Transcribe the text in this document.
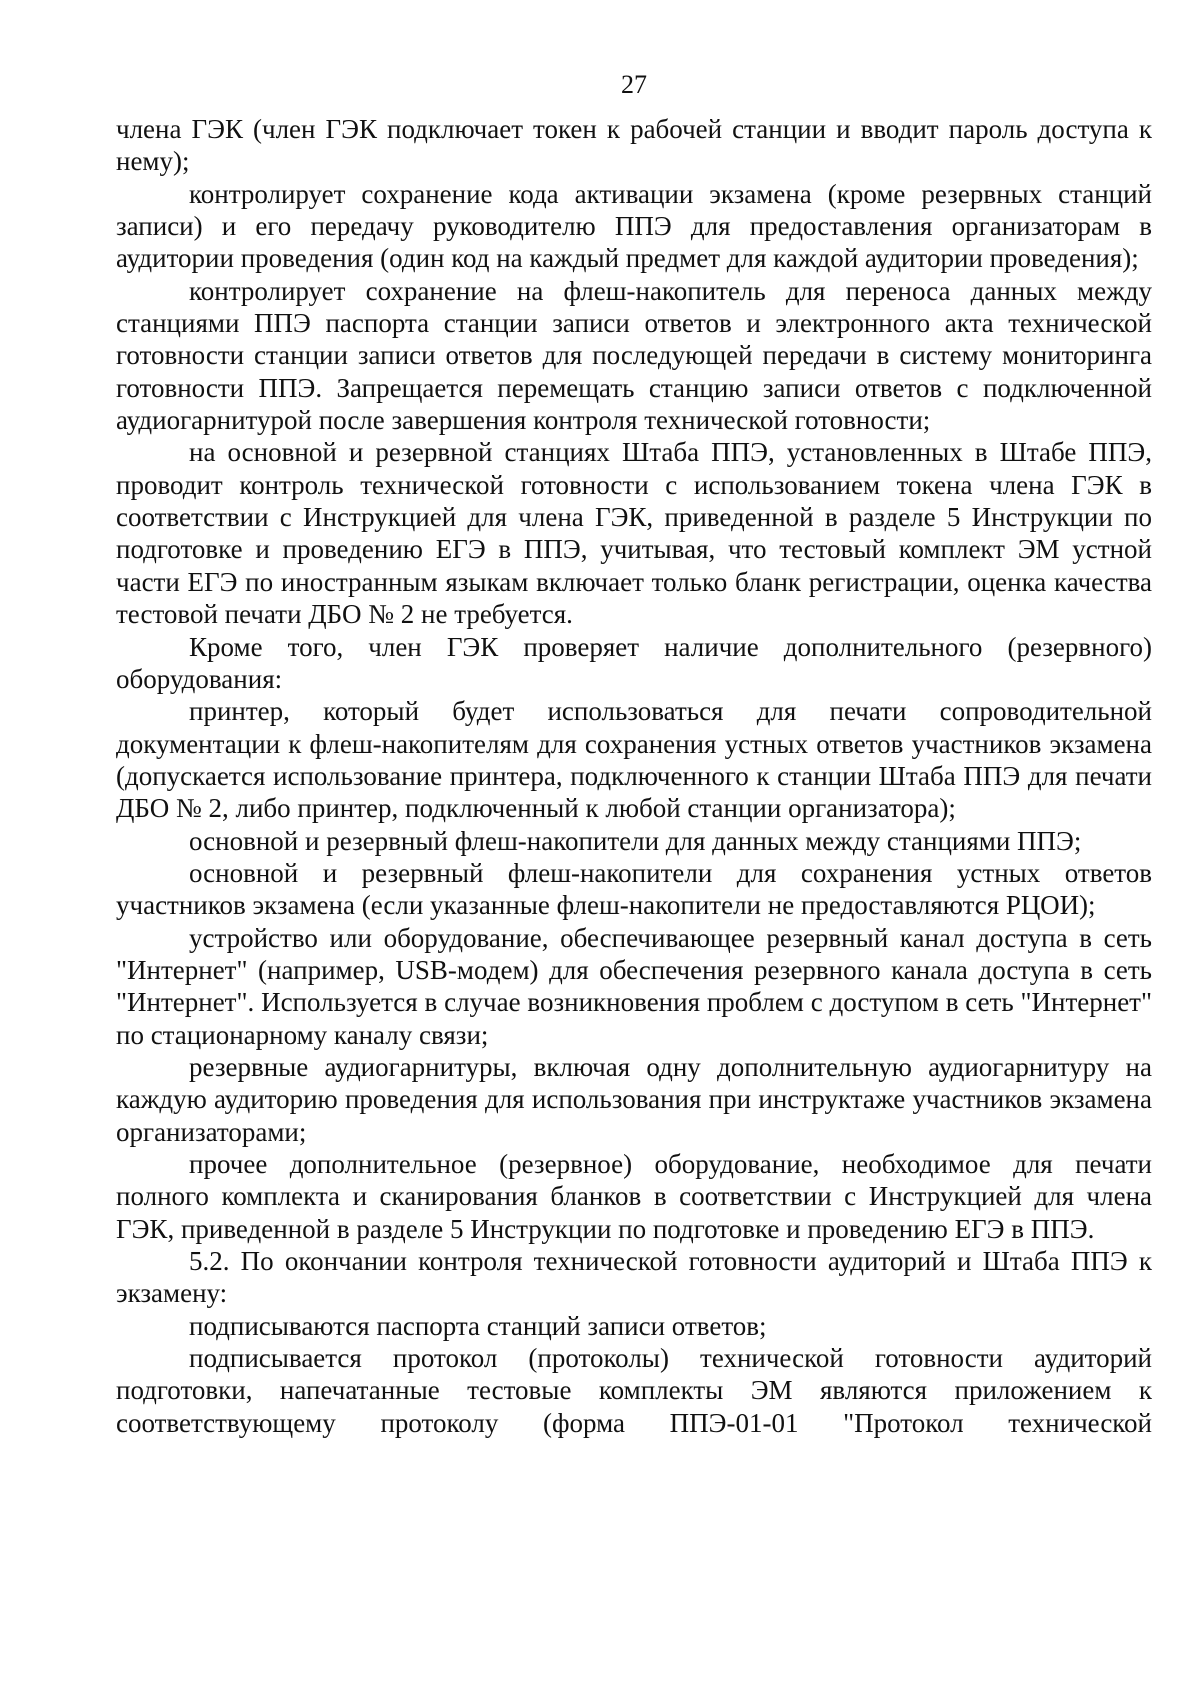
27

члена ГЭК (член ГЭК подключает токен к рабочей станции и вводит пароль доступа к нему);

контролирует сохранение кода активации экзамена (кроме резервных станций записи) и его передачу руководителю ППЭ для предоставления организаторам в аудитории проведения (один код на каждый предмет для каждой аудитории проведения);

контролирует сохранение на флеш-накопитель для переноса данных между станциями ППЭ паспорта станции записи ответов и электронного акта технической готовности станции записи ответов для последующей передачи в систему мониторинга готовности ППЭ. Запрещается перемещать станцию записи ответов с подключенной аудиогарнитурой после завершения контроля технической готовности;

на основной и резервной станциях Штаба ППЭ, установленных в Штабе ППЭ, проводит контроль технической готовности с использованием токена члена ГЭК в соответствии с Инструкцией для члена ГЭК, приведенной в разделе 5 Инструкции по подготовке и проведению ЕГЭ в ППЭ, учитывая, что тестовый комплект ЭМ устной части ЕГЭ по иностранным языкам включает только бланк регистрации, оценка качества тестовой печати ДБО № 2 не требуется.

Кроме того, член ГЭК проверяет наличие дополнительного (резервного) оборудования:

принтер, который будет использоваться для печати сопроводительной документации к флеш-накопителям для сохранения устных ответов участников экзамена (допускается использование принтера, подключенного к станции Штаба ППЭ для печати ДБО № 2, либо принтер, подключенный к любой станции организатора);

основной и резервный флеш-накопители для данных между станциями ППЭ;

основной и резервный флеш-накопители для сохранения устных ответов участников экзамена (если указанные флеш-накопители не предоставляются РЦОИ);

устройство или оборудование, обеспечивающее резервный канал доступа в сеть "Интернет" (например, USB-модем) для обеспечения резервного канала доступа в сеть "Интернет". Используется в случае возникновения проблем с доступом в сеть "Интернет" по стационарному каналу связи;

резервные аудиогарнитуры, включая одну дополнительную аудиогарнитуру на каждую аудиторию проведения для использования при инструктаже участников экзамена организаторами;

прочее дополнительное (резервное) оборудование, необходимое для печати полного комплекта и сканирования бланков в соответствии с Инструкцией для члена ГЭК, приведенной в разделе 5 Инструкции по подготовке и проведению ЕГЭ в ППЭ.

5.2. По окончании контроля технической готовности аудиторий и Штаба ППЭ к экзамену:

подписываются паспорта станций записи ответов;

подписывается протокол (протоколы) технической готовности аудиторий подготовки, напечатанные тестовые комплекты ЭМ являются приложением к соответствующему протоколу (форма ППЭ-01-01 "Протокол технической
